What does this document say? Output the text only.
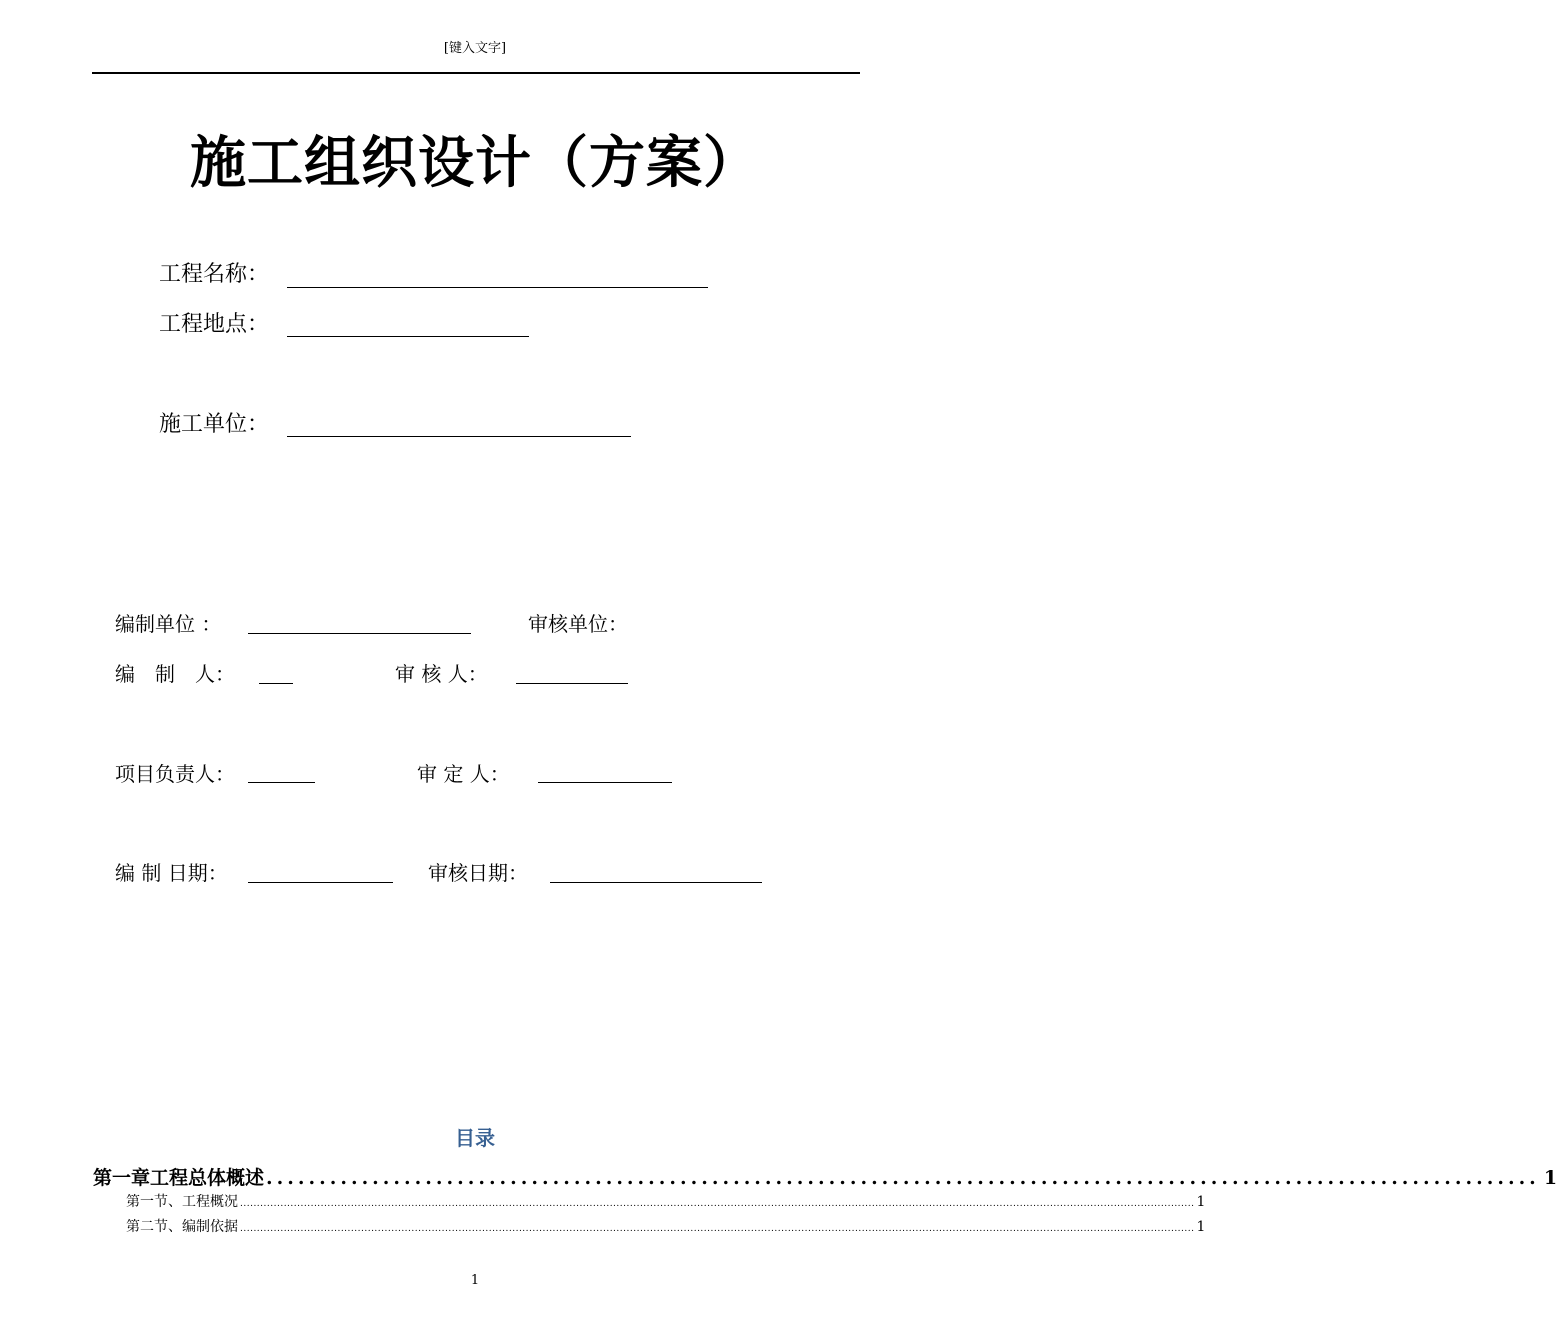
[键入文字]
施工组织设计（方案）
工程名称：
工程地点：
施工单位：
编制单位 ：	审核单位：
编　制　人：	审 核 人：
项目负责人：	审 定 人：
编 制 日期：	审核日期：
目录
第一章 工程总体概述 ........................................................................................................................ 1
第一节、工程概况 ............................................................................................................................................................................................................................................................................................ 1
第二节、编制依据 ............................................................................................................................................................................................................................................................................................ 1
1
